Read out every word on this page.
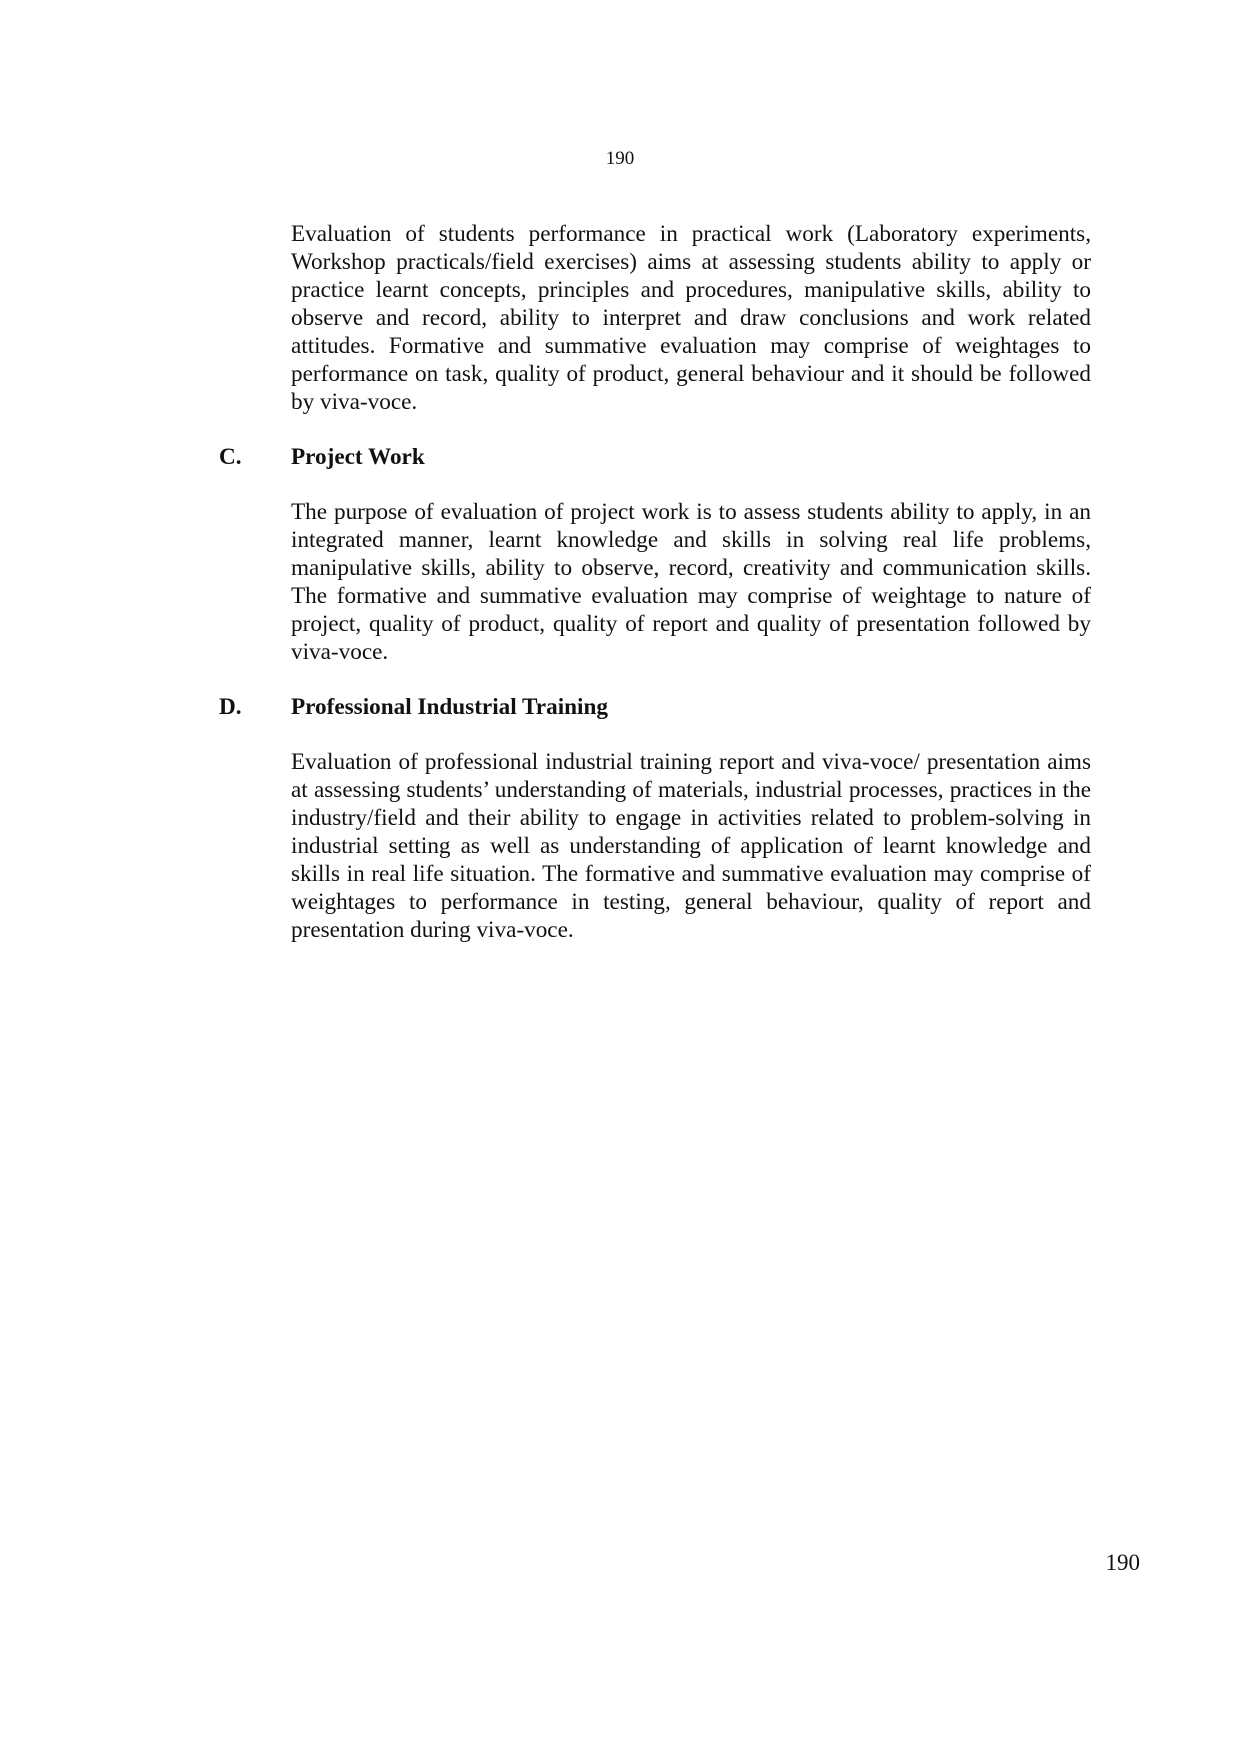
190

Evaluation of students performance in practical work (Laboratory experiments, Workshop practicals/field exercises) aims at assessing students ability to apply or practice learnt concepts, principles and procedures, manipulative skills, ability to observe and record, ability to interpret and draw conclusions and work related attitudes. Formative and summative evaluation may comprise of weightages to performance on task, quality of product, general behaviour and it should be followed by viva-voce.

C. Project Work

The purpose of evaluation of project work is to assess students ability to apply, in an integrated manner, learnt knowledge and skills in solving real life problems, manipulative skills, ability to observe, record, creativity and communication skills. The formative and summative evaluation may comprise of weightage to nature of project, quality of product, quality of report and quality of presentation followed by viva-voce.

D. Professional Industrial Training

Evaluation of professional industrial training report and viva-voce/ presentation aims at assessing students’ understanding of materials, industrial processes, practices in the industry/field and their ability to engage in activities related to problem-solving in industrial setting as well as understanding of application of learnt knowledge and skills in real life situation. The formative and summative evaluation may comprise of weightages to performance in testing, general behaviour, quality of report and presentation during viva-voce.

190
